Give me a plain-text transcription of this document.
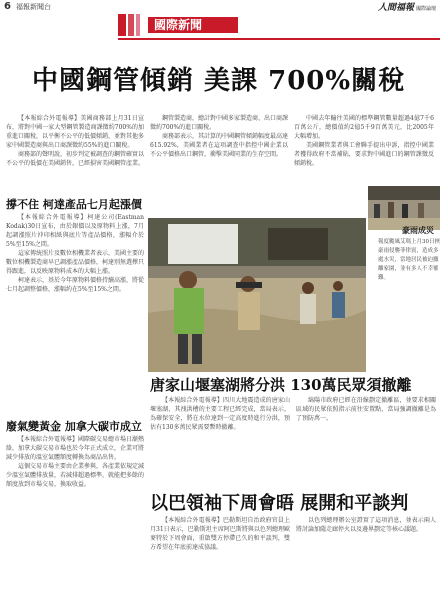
6 福報新聞台	人間福報 國際論壇
國際新聞
中國鋼管傾銷 美課 700%關稅

【本報綜合外電報導】美國商務部上月31日宣布，將對中國一家大型鋼管製造商課徵約700%的加重進口關稅，以平衡不公平的低價傾銷，並對其他多家中國製造商與出口商課徵約55%的進口關稅。

商務部的聲明說，初步判定被調查的鋼管確實以不公平的低價在美國銷售，已經損害美國鋼管產業。

撐不住 柯達產品七月起漲價

【本報綜合外電報導】柯達公司(Eastman Kodak)30日宣布，由於銀價以及原物料上漲，7月起調漲照片沖印相紙與底片等產品價格，漲幅介於5%至15%之間。

這家傳統照片及數位相機業者表示，美國主要的數位相機製造商早已調漲產品價格，柯達別無選擇只得跟進，以反映原物料成本的大幅上漲。

柯達表示，基於今年原物料價格持續高漲，將從七月起調整價格，漲幅約在5%至15%之間。

廢氣變黃金 加拿大碳市成立

【本報綜合外電報導】國際碳交易總市場日漸熱絡，加拿大碳交易市場也於今年正式成立，企業可將減少排放的溫室氣體額度轉換為商品出售。

這個交易市場主要由企業參與，各產業依規定減少溫室氣體排放量，若減排超過標準，就能把多餘的額度放到市場交易，換取收益。

鋼管製造商，總計對中國多家製造商、出口商課徵約700%的進口關稅。

商務部表示，其計算的中國鋼管傾銷幅度最高達615.92%，美國業者在這項調查中指控中國企業以不公平價格出口鋼管，衝擊美國同業的生存空間。

中國去年輸往美國的標準鋼管數量超過4億7千6百萬公斤，總價值約2億5千9百萬美元，比2005年大幅增加。

美國鋼管業者與工會聯手提出申訴，指控中國業者獲得政府不當補貼，要求對中國進口的鋼管課徵反傾銷稅。

豪雨成災
報度颱風艾瑪上月30日挾豪雨侵襲菲律賓，造成多處水災，當地居民被迫撤離家園，並有多人不幸罹難。
唐家山堰塞湖將分洪 130萬民眾須撤離

【本報綜合外電報導】四川大地震造成的唐家山堰塞湖，其洩洪槽的主要工程已經完成，當局表示，為確保安全，將在水位達到一定高度時進行分洪，預估有130多萬民眾需要暫時撤離。

綿陽市政府已經在沿線劃定撤離區，並要求相關區域的民眾依照指示前往安置點，當局強調撤離是為了預防萬一。

以巴領袖下周會晤 展開和平談判

【本報綜合外電報導】巴勒斯坦自治政府官員上月31日表示，巴勒斯坦主席阿巴斯將與以色列總理歐麥特於下周會面，重啟雙方停滯已久的和平談判，雙方希望在年底前達成協議。

以色列總理辦公室證實了這項消息，並表示兩人將討論加薩走廊停火以及邊界劃定等核心議題。
